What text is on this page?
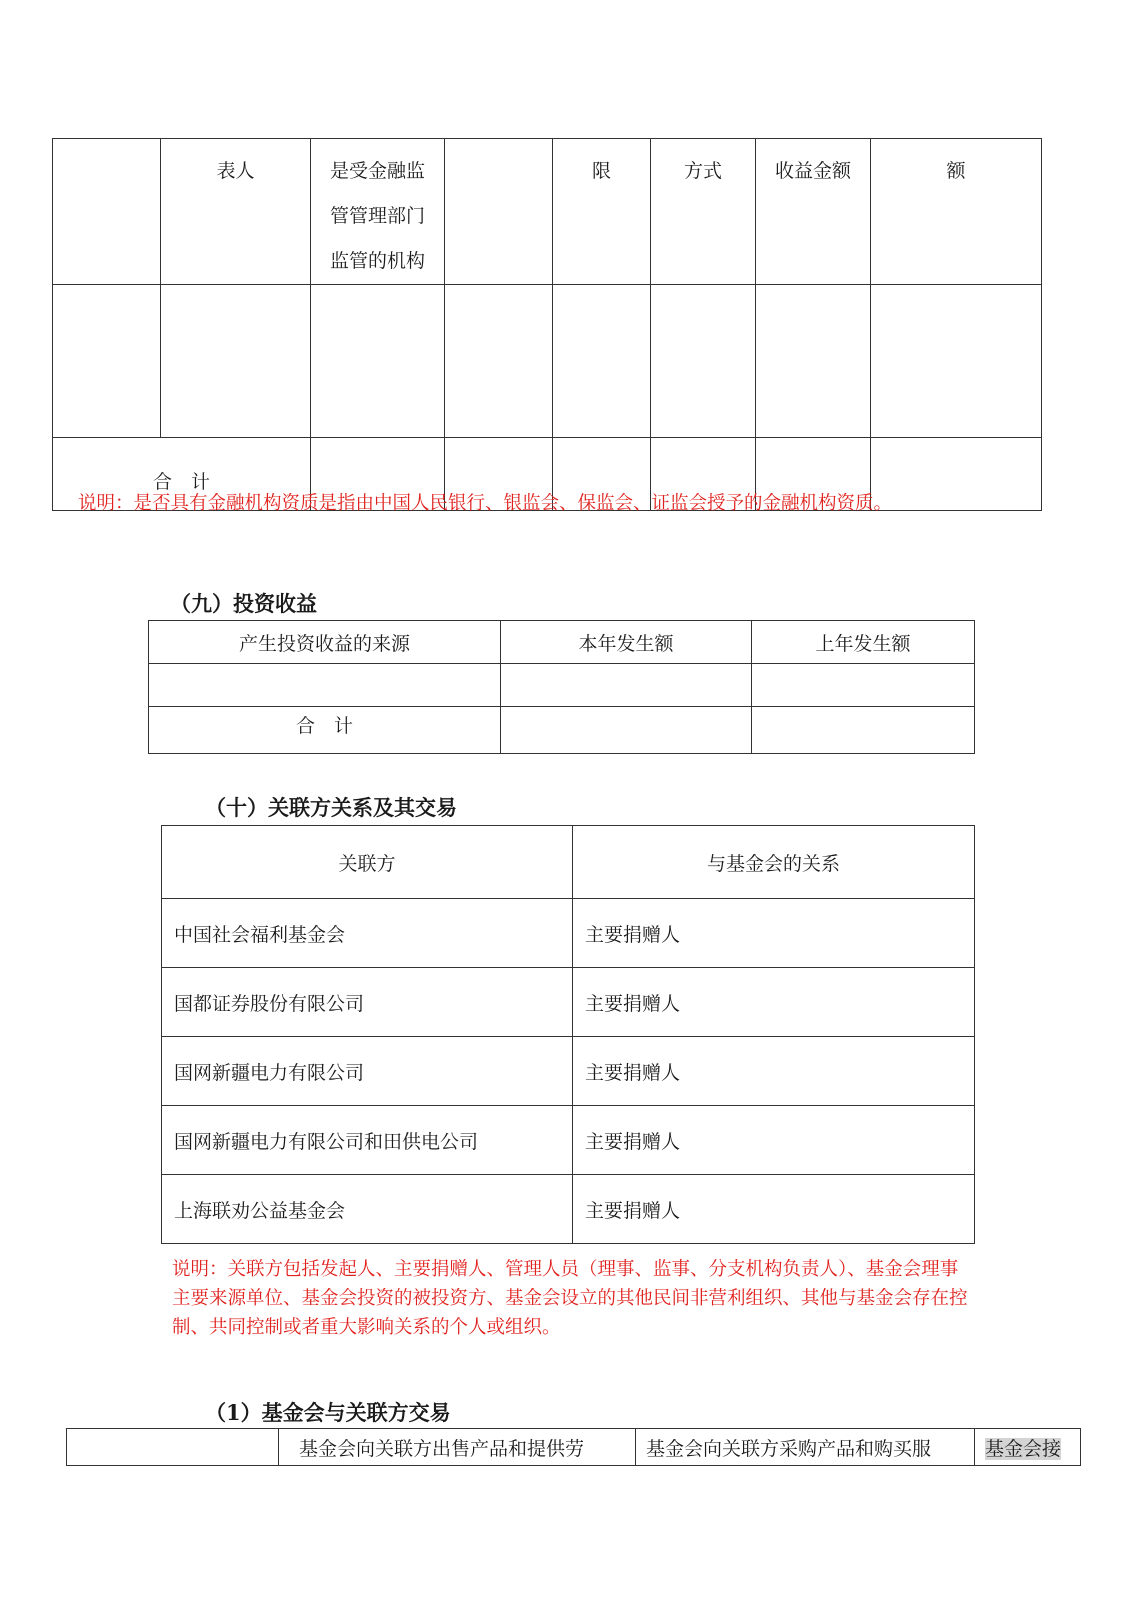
	表人	是受金融监
管管理部门
监管的机构		限	方式	收益金额	额

合　计							
说明：是否具有金融机构资质是指由中国人民银行、银监会、保监会、证监会授予的金融机构资质。
（九）投资收益
产生投资收益的来源	本年发生额	上年发生额

合　计		
（十）关联方关系及其交易
关联方	与基金会的关系
中国社会福利基金会	主要捐赠人
国都证券股份有限公司	主要捐赠人
国网新疆电力有限公司	主要捐赠人
国网新疆电力有限公司和田供电公司	主要捐赠人
上海联劝公益基金会	主要捐赠人
说明：关联方包括发起人、主要捐赠人、管理人员（理事、监事、分支机构负责人）、基金会理事主要来源单位、基金会投资的被投资方、基金会设立的其他民间非营利组织、其他与基金会存在控制、共同控制或者重大影响关系的个人或组织。
（1）基金会与关联方交易
	基金会向关联方出售产品和提供劳	基金会向关联方采购产品和购买服	基金会接
